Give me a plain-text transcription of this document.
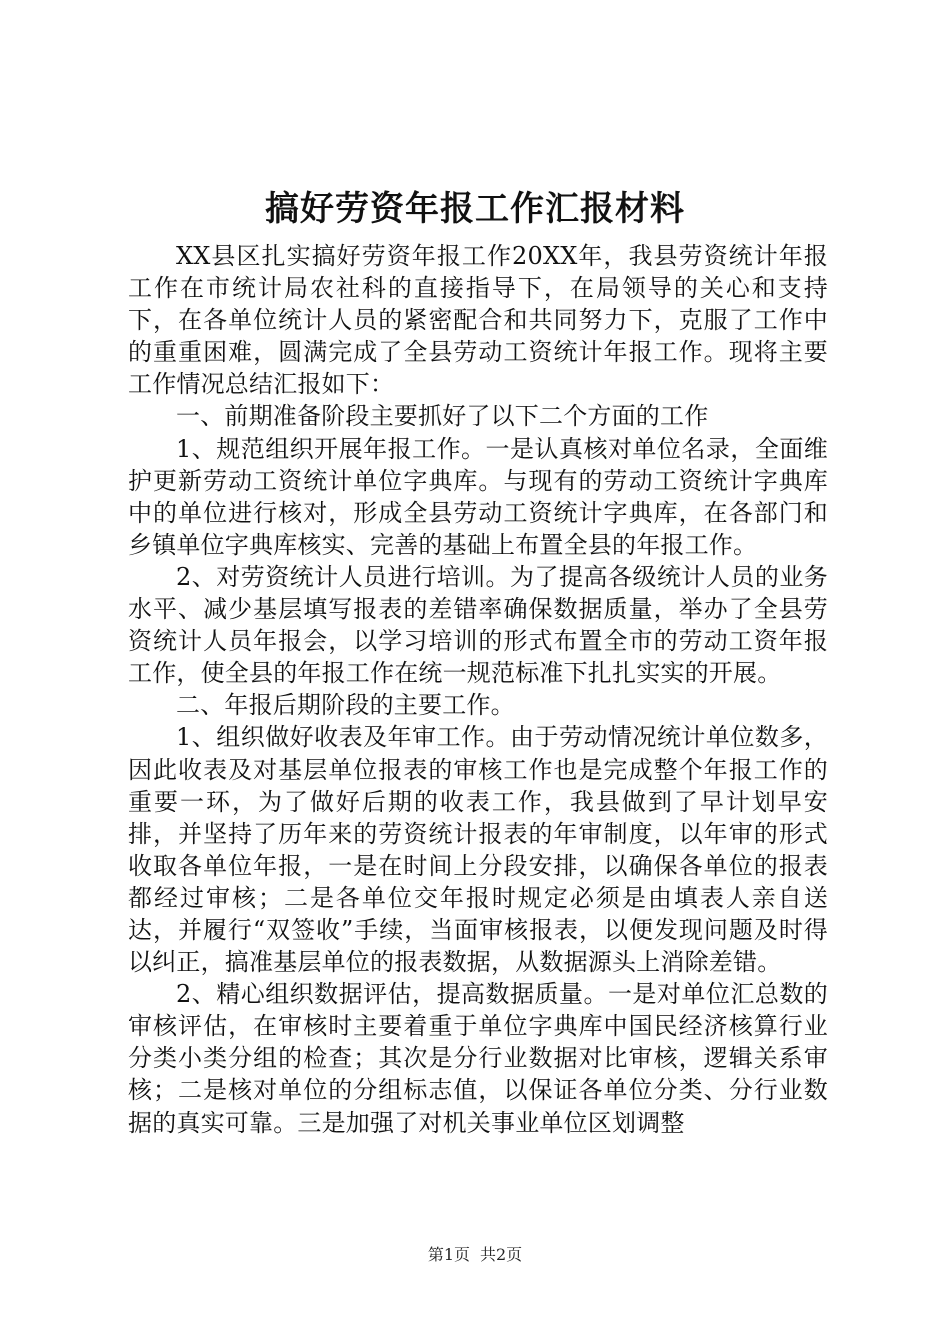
搞好劳资年报工作汇报材料

XX县区扎实搞好劳资年报工作20XX年，我县劳资统计年报工作在市统计局农社科的直接指导下，在局领导的关心和支持下，在各单位统计人员的紧密配合和共同努力下，克服了工作中的重重困难，圆满完成了全县劳动工资统计年报工作。现将主要工作情况总结汇报如下：

一、前期准备阶段主要抓好了以下二个方面的工作

1、规范组织开展年报工作。一是认真核对单位名录，全面维护更新劳动工资统计单位字典库。与现有的劳动工资统计字典库中的单位进行核对，形成全县劳动工资统计字典库，在各部门和乡镇单位字典库核实、完善的基础上布置全县的年报工作。

2、对劳资统计人员进行培训。为了提高各级统计人员的业务水平、减少基层填写报表的差错率确保数据质量，举办了全县劳资统计人员年报会，以学习培训的形式布置全市的劳动工资年报工作，使全县的年报工作在统一规范标准下扎扎实实的开展。

二、年报后期阶段的主要工作。

1、组织做好收表及年审工作。由于劳动情况统计单位数多，因此收表及对基层单位报表的审核工作也是完成整个年报工作的重要一环，为了做好后期的收表工作，我县做到了早计划早安排，并坚持了历年来的劳资统计报表的年审制度，以年审的形式收取各单位年报，一是在时间上分段安排，以确保各单位的报表都经过审核；二是各单位交年报时规定必须是由填表人亲自送达，并履行“双签收”手续，当面审核报表，以便发现问题及时得以纠正，搞准基层单位的报表数据，从数据源头上消除差错。

2、精心组织数据评估，提高数据质量。一是对单位汇总数的审核评估，在审核时主要着重于单位字典库中国民经济核算行业分类小类分组的检查；其次是分行业数据对比审核，逻辑关系审核；二是核对单位的分组标志值，以保证各单位分类、分行业数据的真实可靠。三是加强了对机关事业单位区划调整

第1页 共2页
